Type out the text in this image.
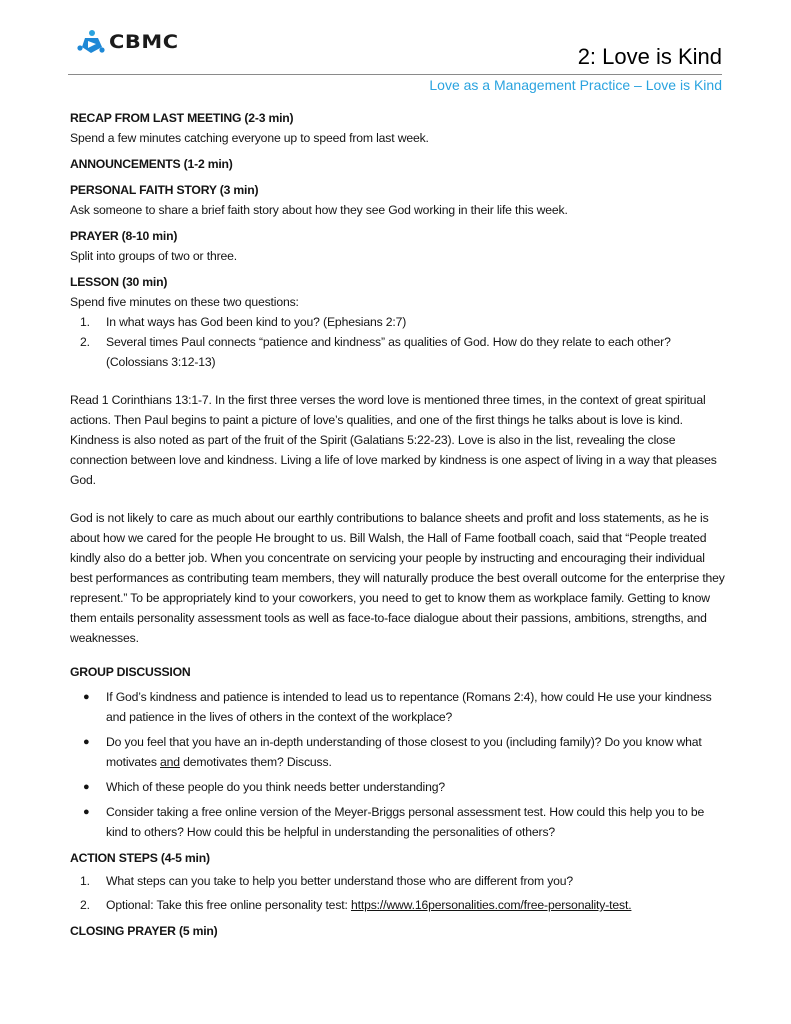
CBMC
2: Love is Kind
Love as a Management Practice – Love is Kind
RECAP FROM LAST MEETING (2-3 min)
Spend a few minutes catching everyone up to speed from last week.
ANNOUNCEMENTS (1-2 min)
PERSONAL FAITH STORY (3 min)
Ask someone to share a brief faith story about how they see God working in their life this week.
PRAYER (8-10 min)
Split into groups of two or three.
LESSON (30 min)
Spend five minutes on these two questions:
1. In what ways has God been kind to you? (Ephesians 2:7)
2. Several times Paul connects “patience and kindness” as qualities of God. How do they relate to each other? (Colossians 3:12-13)
Read 1 Corinthians 13:1-7. In the first three verses the word love is mentioned three times, in the context of great spiritual actions. Then Paul begins to paint a picture of love’s qualities, and one of the first things he talks about is love is kind. Kindness is also noted as part of the fruit of the Spirit (Galatians 5:22-23). Love is also in the list, revealing the close connection between love and kindness. Living a life of love marked by kindness is one aspect of living in a way that pleases God.
God is not likely to care as much about our earthly contributions to balance sheets and profit and loss statements, as he is about how we cared for the people He brought to us. Bill Walsh, the Hall of Fame football coach, said that “People treated kindly also do a better job. When you concentrate on servicing your people by instructing and encouraging their individual best performances as contributing team members, they will naturally produce the best overall outcome for the enterprise they represent.” To be appropriately kind to your coworkers, you need to get to know them as workplace family. Getting to know them entails personality assessment tools as well as face-to-face dialogue about their passions, ambitions, strengths, and weaknesses.
GROUP DISCUSSION
● If God’s kindness and patience is intended to lead us to repentance (Romans 2:4), how could He use your kindness and patience in the lives of others in the context of the workplace?
● Do you feel that you have an in-depth understanding of those closest to you (including family)? Do you know what motivates and demotivates them? Discuss.
● Which of these people do you think needs better understanding?
● Consider taking a free online version of the Meyer-Briggs personal assessment test. How could this help you to be kind to others? How could this be helpful in understanding the personalities of others?
ACTION STEPS (4-5 min)
1. What steps can you take to help you better understand those who are different from you?
2. Optional: Take this free online personality test: https://www.16personalities.com/free-personality-test.
CLOSING PRAYER (5 min)
